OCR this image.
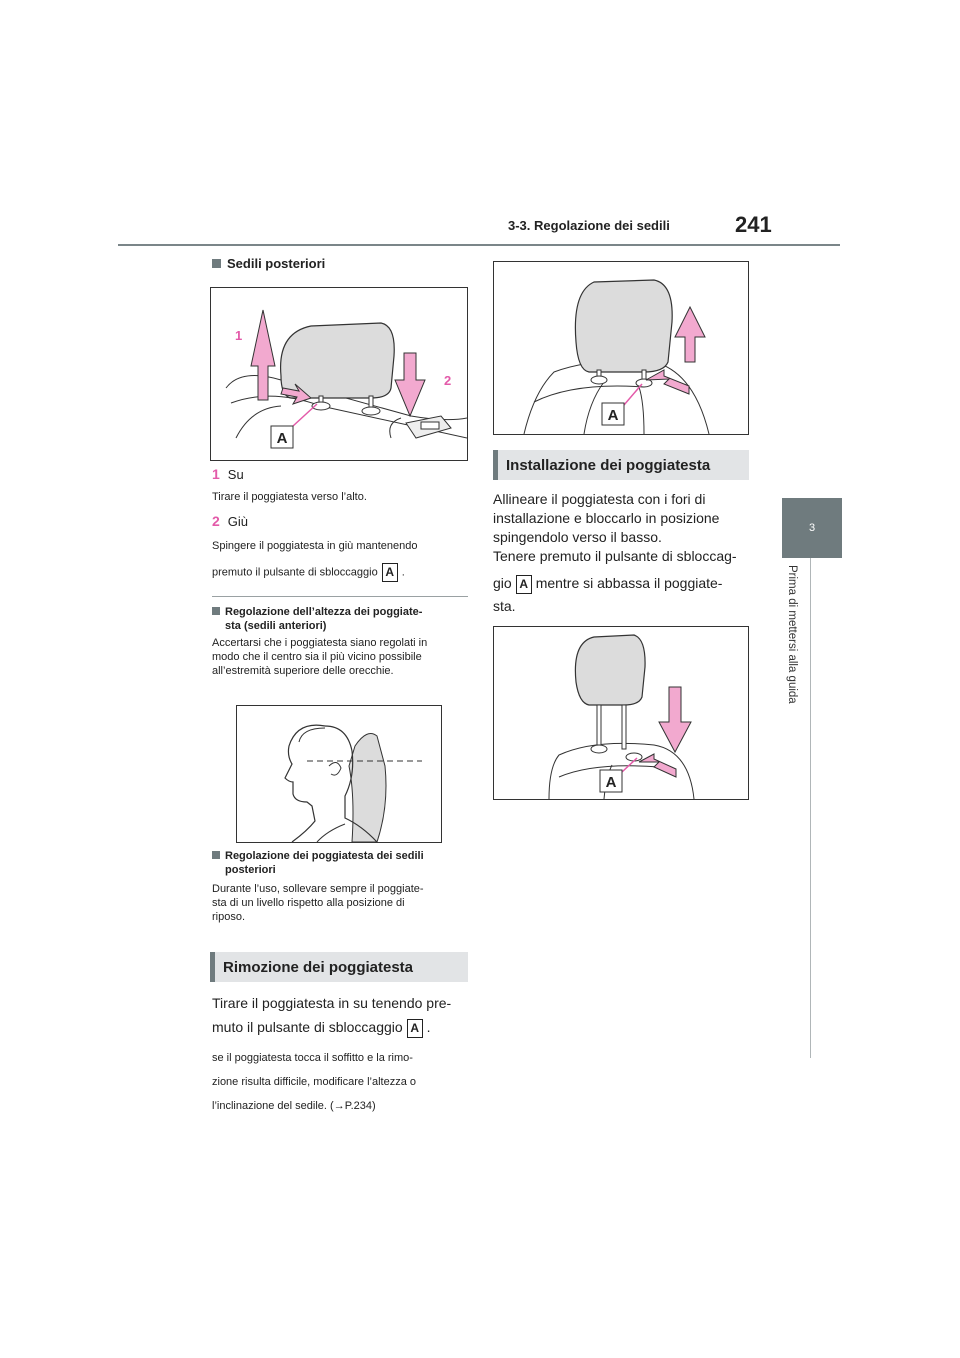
3-3. Regolazione dei sedili	241
3
Prima di mettersi alla guida
Sedili posteriori
A
1
2
1 Su
Tirare il poggiatesta verso l’alto.
2 Giù
Spingere il poggiatesta in giù mantenendo
premuto il pulsante di sbloccaggio A .
Regolazione dell’altezza dei poggiate-
sta (sedili anteriori)
Accertarsi che i poggiatesta siano regolati in
modo che il centro sia il più vicino possibile
all’estremità superiore delle orecchie.
Regolazione dei poggiatesta dei sedili
posteriori
Durante l’uso, sollevare sempre il poggiate-
sta di un livello rispetto alla posizione di
riposo.
Rimozione dei poggiatesta
Tirare il poggiatesta in su tenendo pre-
muto il pulsante di sbloccaggio A .
se il poggiatesta tocca il soffitto e la rimo-
zione risulta difficile, modificare l’altezza o
l’inclinazione del sedile. (→P.234)
A
Installazione dei poggiatesta
Allineare il poggiatesta con i fori di
installazione e bloccarlo in posizione
spingendolo verso il basso.
Tenere premuto il pulsante di sbloccag-
gio A mentre si abbassa il poggiate-
sta.
A
